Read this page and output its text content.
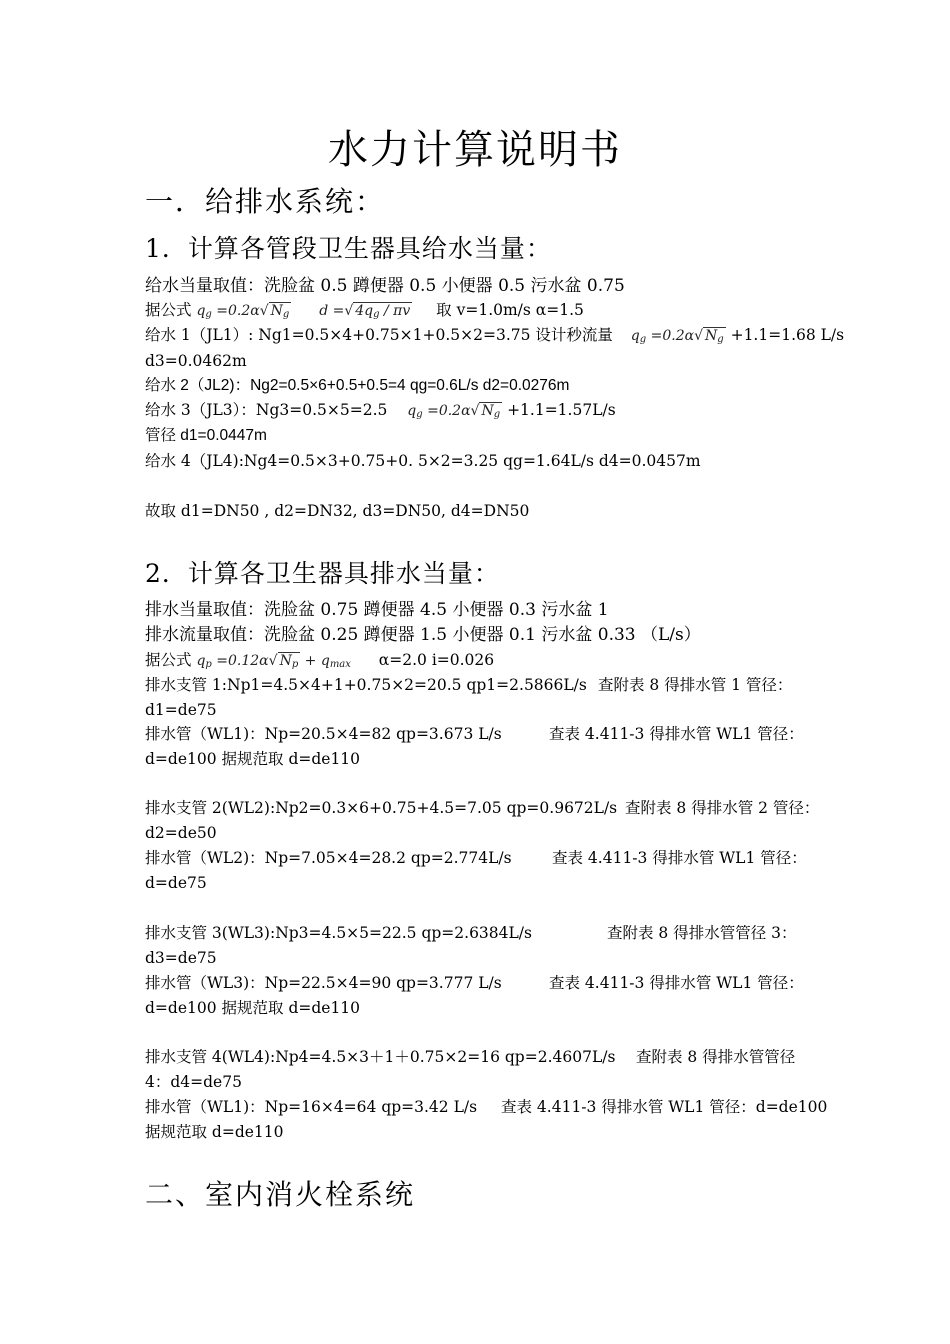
水力计算说明书
一．给排水系统：
1．计算各管段卫生器具给水当量：
给水当量取值：洗脸盆 0.5 蹲便器 0.5 小便器 0.5 污水盆 0.75
据公式 qg =0.2α√ Ng d =√ 4qg / πv 取 v=1.0m/s α=1.5
给水 1（JL1）: Ng1=0.5×4+0.75×1+0.5×2=3.75 设计秒流量 qg =0.2α√ Ng +1.1=1.68 L/s
d3=0.0462m
给水 2（JL2)：Ng2=0.5×6+0.5+0.5=4 qg=0.6L/s d2=0.0276m
给水 3（JL3）：Ng3=0.5×5=2.5 qg =0.2α√ Ng +1.1=1.57L/s
管径 d1=0.0447m
给水 4（JL4):Ng4=0.5×3+0.75+0. 5×2=3.25 qg=1.64L/s d4=0.0457m
故取 d1=DN50 , d2=DN32, d3=DN50, d4=DN50
2．计算各卫生器具排水当量：
排水当量取值：洗脸盆 0.75 蹲便器 4.5 小便器 0.3 污水盆 1
排水流量取值：洗脸盆 0.25 蹲便器 1.5 小便器 0.1 污水盆 0.33 （L/s）
据公式 qp =0.12α√ Np + qmax α=2.0 i=0.026
排水支管 1:Np1=4.5×4+1+0.75×2=20.5 qp1=2.5866L/s 查附表 8 得排水管 1 管径：
d1=de75
排水管（WL1)：Np=20.5×4=82 qp=3.673 L/s	查表 4.411-3 得排水管 WL1 管径：
d=de100 据规范取 d=de110
排水支管 2(WL2):Np2=0.3×6+0.75+4.5=7.05 qp=0.9672L/s 查附表 8 得排水管 2 管径：
d2=de50
排水管（WL2)：Np=7.05×4=28.2 qp=2.774L/s	查表 4.411-3 得排水管 WL1 管径：
d=de75
排水支管 3(WL3):Np3=4.5×5=22.5 qp=2.6384L/s	查附表 8 得排水管管径 3：
d3=de75
排水管（WL3)：Np=22.5×4=90 qp=3.777 L/s	查表 4.411-3 得排水管 WL1 管径：
d=de100 据规范取 d=de110
排水支管 4(WL4):Np4=4.5×3＋1＋0.75×2=16 qp=2.4607L/s 查附表 8 得排水管管径
4：d4=de75
排水管（WL1)：Np=16×4=64 qp=3.42 L/s 查表 4.411-3 得排水管 WL1 管径：d=de100
据规范取 d=de110
二、室内消火栓系统
